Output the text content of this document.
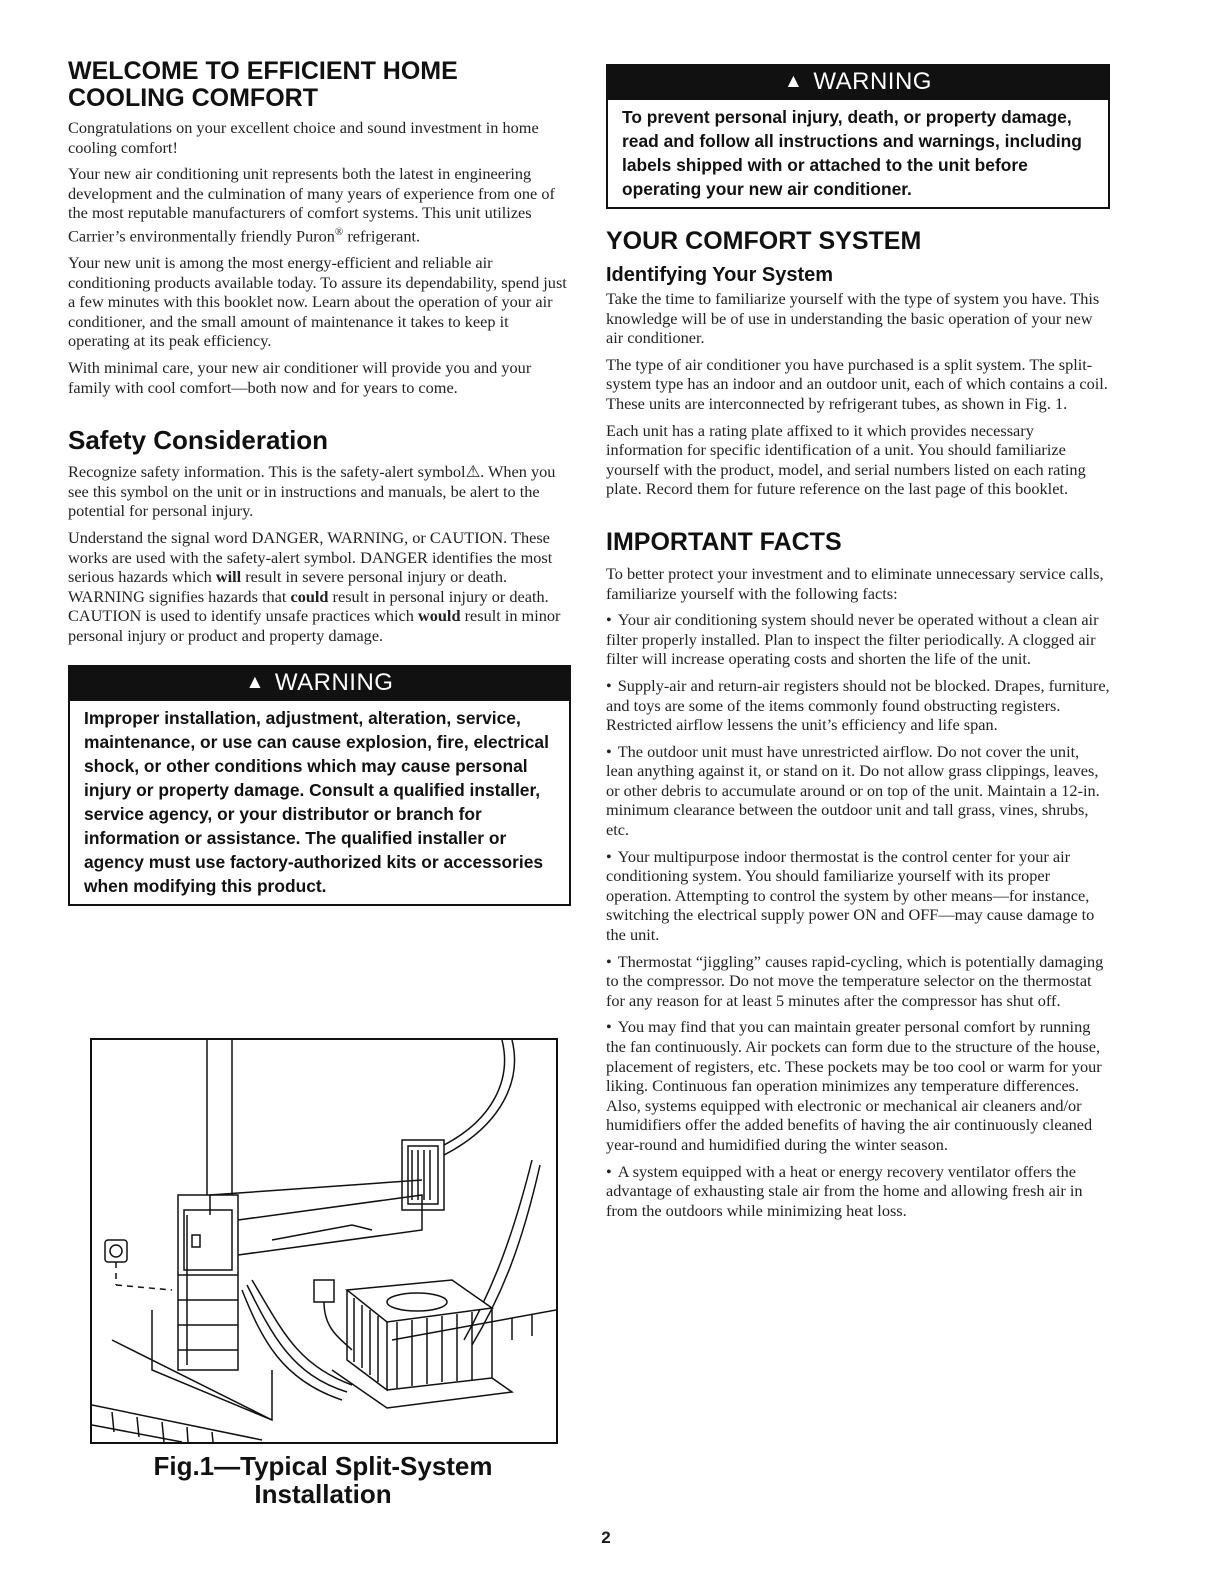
WELCOME TO EFFICIENT HOME COOLING COMFORT

Congratulations on your excellent choice and sound investment in home cooling comfort!

Your new air conditioning unit represents both the latest in engineering development and the culmination of many years of experience from one of the most reputable manufacturers of comfort systems. This unit utilizes Carrier’s environmentally friendly Puron® refrigerant.

Your new unit is among the most energy-efficient and reliable air conditioning products available today. To assure its dependability, spend just a few minutes with this booklet now. Learn about the operation of your air conditioner, and the small amount of maintenance it takes to keep it operating at its peak efficiency.

With minimal care, your new air conditioner will provide you and your family with cool comfort—both now and for years to come.

Safety Consideration

Recognize safety information. This is the safety-alert symbol⚠. When you see this symbol on the unit or in instructions and manuals, be alert to the potential for personal injury.

Understand the signal word DANGER, WARNING, or CAUTION. These works are used with the safety-alert symbol. DANGER identifies the most serious hazards which will result in severe personal injury or death. WARNING signifies hazards that could result in personal injury or death. CAUTION is used to identify unsafe practices which would result in minor personal injury or product and property damage.

▲ WARNING
Improper installation, adjustment, alteration, service, maintenance, or use can cause explosion, fire, electrical shock, or other conditions which may cause personal injury or property damage. Consult a qualified installer, service agency, or your distributor or branch for information or assistance. The qualified installer or agency must use factory-authorized kits or accessories when modifying this product.
Fig.1—Typical Split-System
Installation
▲ WARNING
To prevent personal injury, death, or property damage, read and follow all instructions and warnings, including labels shipped with or attached to the unit before operating your new air conditioner.
YOUR COMFORT SYSTEM
Identifying Your System

Take the time to familiarize yourself with the type of system you have. This knowledge will be of use in understanding the basic operation of your new air conditioner.

The type of air conditioner you have purchased is a split system. The split-system type has an indoor and an outdoor unit, each of which contains a coil. These units are interconnected by refrigerant tubes, as shown in Fig. 1.

Each unit has a rating plate affixed to it which provides necessary information for specific identification of a unit. You should familiarize yourself with the product, model, and serial numbers listed on each rating plate. Record them for future reference on the last page of this booklet.

IMPORTANT FACTS

To better protect your investment and to eliminate unnecessary service calls, familiarize yourself with the following facts:

• Your air conditioning system should never be operated without a clean air filter properly installed. Plan to inspect the filter periodically. A clogged air filter will increase operating costs and shorten the life of the unit.
• Supply-air and return-air registers should not be blocked. Drapes, furniture, and toys are some of the items commonly found obstructing registers. Restricted airflow lessens the unit’s efficiency and life span.
• The outdoor unit must have unrestricted airflow. Do not cover the unit, lean anything against it, or stand on it. Do not allow grass clippings, leaves, or other debris to accumulate around or on top of the unit. Maintain a 12-in. minimum clearance between the outdoor unit and tall grass, vines, shrubs, etc.
• Your multipurpose indoor thermostat is the control center for your air conditioning system. You should familiarize yourself with its proper operation. Attempting to control the system by other means—for instance, switching the electrical supply power ON and OFF—may cause damage to the unit.
• Thermostat “jiggling” causes rapid-cycling, which is potentially damaging to the compressor. Do not move the temperature selector on the thermostat for any reason for at least 5 minutes after the compressor has shut off.
• You may find that you can maintain greater personal comfort by running the fan continuously. Air pockets can form due to the structure of the house, placement of registers, etc. These pockets may be too cool or warm for your liking. Continuous fan operation minimizes any temperature differences. Also, systems equipped with electronic or mechanical air cleaners and/or humidifiers offer the added benefits of having the air continuously cleaned year-round and humidified during the winter season.
• A system equipped with a heat or energy recovery ventilator offers the advantage of exhausting stale air from the home and allowing fresh air in from the outdoors while minimizing heat loss.
2
